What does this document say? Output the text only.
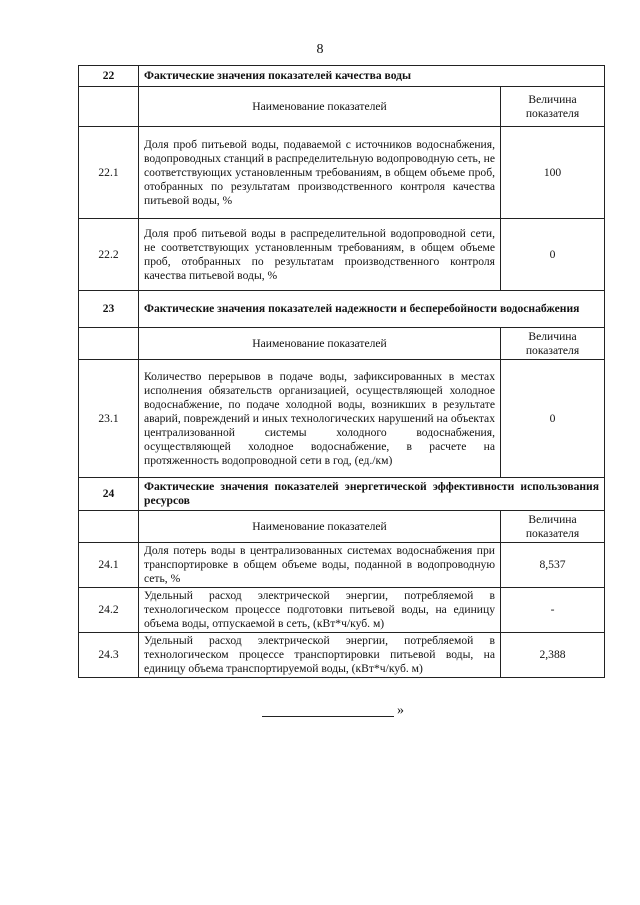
8
22	Фактические значения показателей качества воды	
	Наименование показателей	Величина показателя
22.1	Доля проб питьевой воды, подаваемой с источников водоснабжения, водопроводных станций в распределительную водопроводную сеть, не соответствующих установленным требованиям, в общем объеме проб, отобранных по результатам производственного контроля качества питьевой воды, %	100
22.2	Доля проб питьевой воды в распределительной водопроводной сети, не соответствующих установленным требованиям, в общем объеме проб, отобранных по результатам производственного контроля качества питьевой воды, %	0
23	Фактические значения показателей надежности и бесперебойности водоснабжения	
	Наименование показателей	Величина показателя
23.1	Количество перерывов в подаче воды, зафиксированных в местах исполнения обязательств организацией, осуществляющей холодное водоснабжение, по подаче холодной воды, возникших в результате аварий, повреждений и иных технологических нарушений на объектах централизованной системы холодного водоснабжения, осуществляющей холодное водоснабжение, в расчете на протяженность водопроводной сети в год, (ед./км)	0
24	Фактические значения показателей энергетической эффективности использования ресурсов	
	Наименование показателей	Величина показателя
24.1	Доля потерь воды в централизованных системах водоснабжения при транспортировке в общем объеме воды, поданной в водопроводную сеть, %	8,537
24.2	Удельный расход электрической энергии, потребляемой в технологическом процессе подготовки питьевой воды, на единицу объема воды, отпускаемой в сеть, (кВт*ч/куб. м)	-
24.3	Удельный расход электрической энергии, потребляемой в технологическом процессе транспортировки питьевой воды, на единицу объема транспортируемой воды, (кВт*ч/куб. м)	2,388
»
